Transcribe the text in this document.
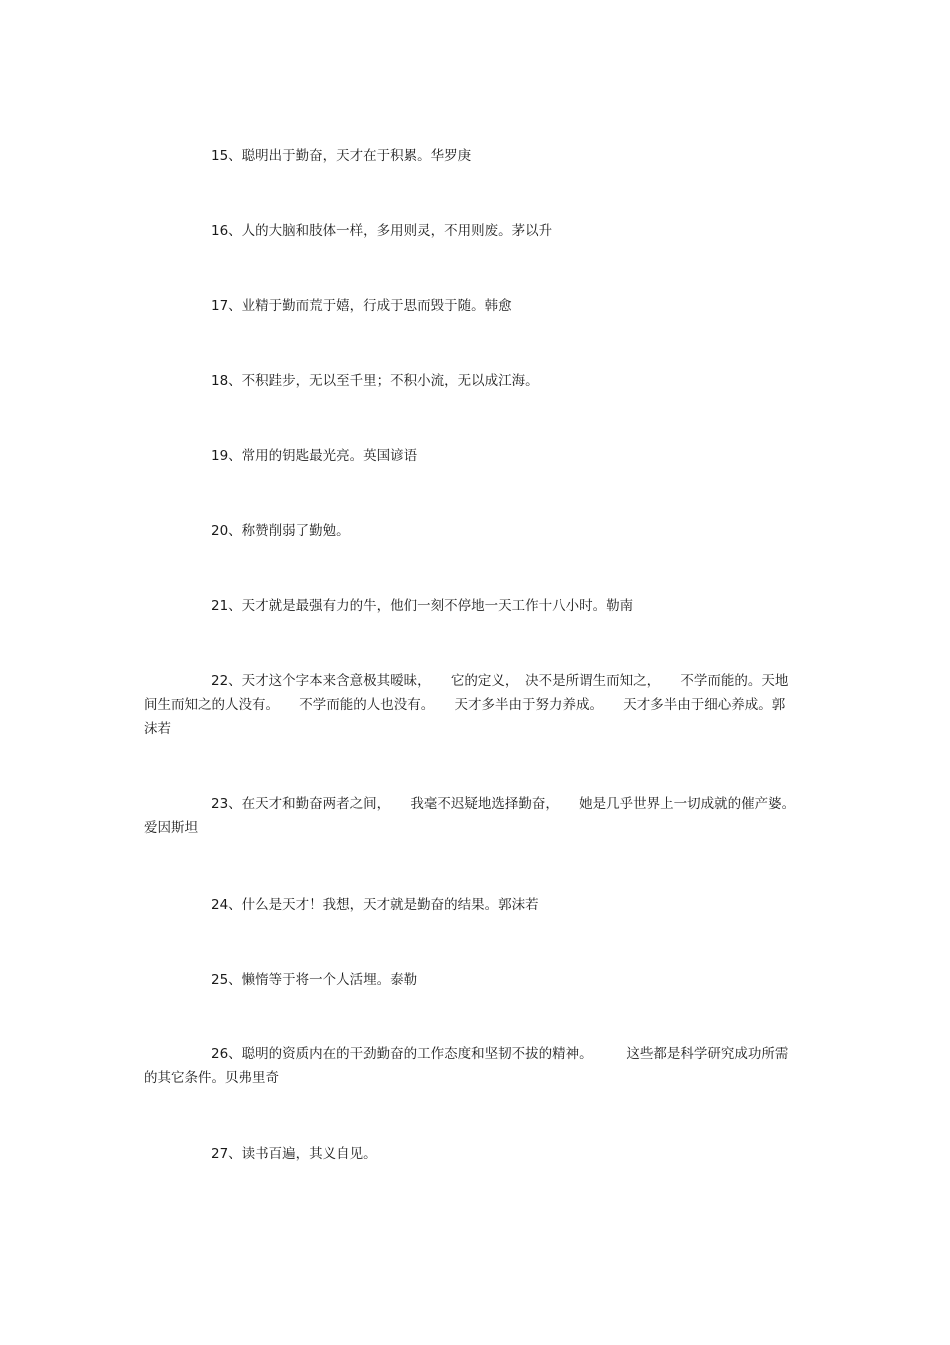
15、聪明出于勤奋，天才在于积累。华罗庚

16、人的大脑和肢体一样，多用则灵，不用则废。茅以升

17、业精于勤而荒于嬉，行成于思而毁于随。韩愈

18、不积跬步，无以至千里；不积小流，无以成江海。

19、常用的钥匙最光亮。英国谚语

20、称赞削弱了勤勉。

21、天才就是最强有力的牛，他们一刻不停地一天工作十八小时。勒南

22、天才这个字本来含意极其暧昧，　　它的定义，　决不是所谓生而知之，　　不学而能的。天地间生而知之的人没有。　　不学而能的人也没有。　　天才多半由于努力养成。　　天才多半由于细心养成。郭沫若

23、在天才和勤奋两者之间，　　我毫不迟疑地选择勤奋，　　她是几乎世界上一切成就的催产婆。爱因斯坦

24、什么是天才！我想，天才就是勤奋的结果。郭沫若

25、懒惰等于将一个人活埋。泰勒

26、聪明的资质内在的干劲勤奋的工作态度和坚韧不拔的精神。　　　这些都是科学研究成功所需的其它条件。贝弗里奇

27、读书百遍，其义自见。
